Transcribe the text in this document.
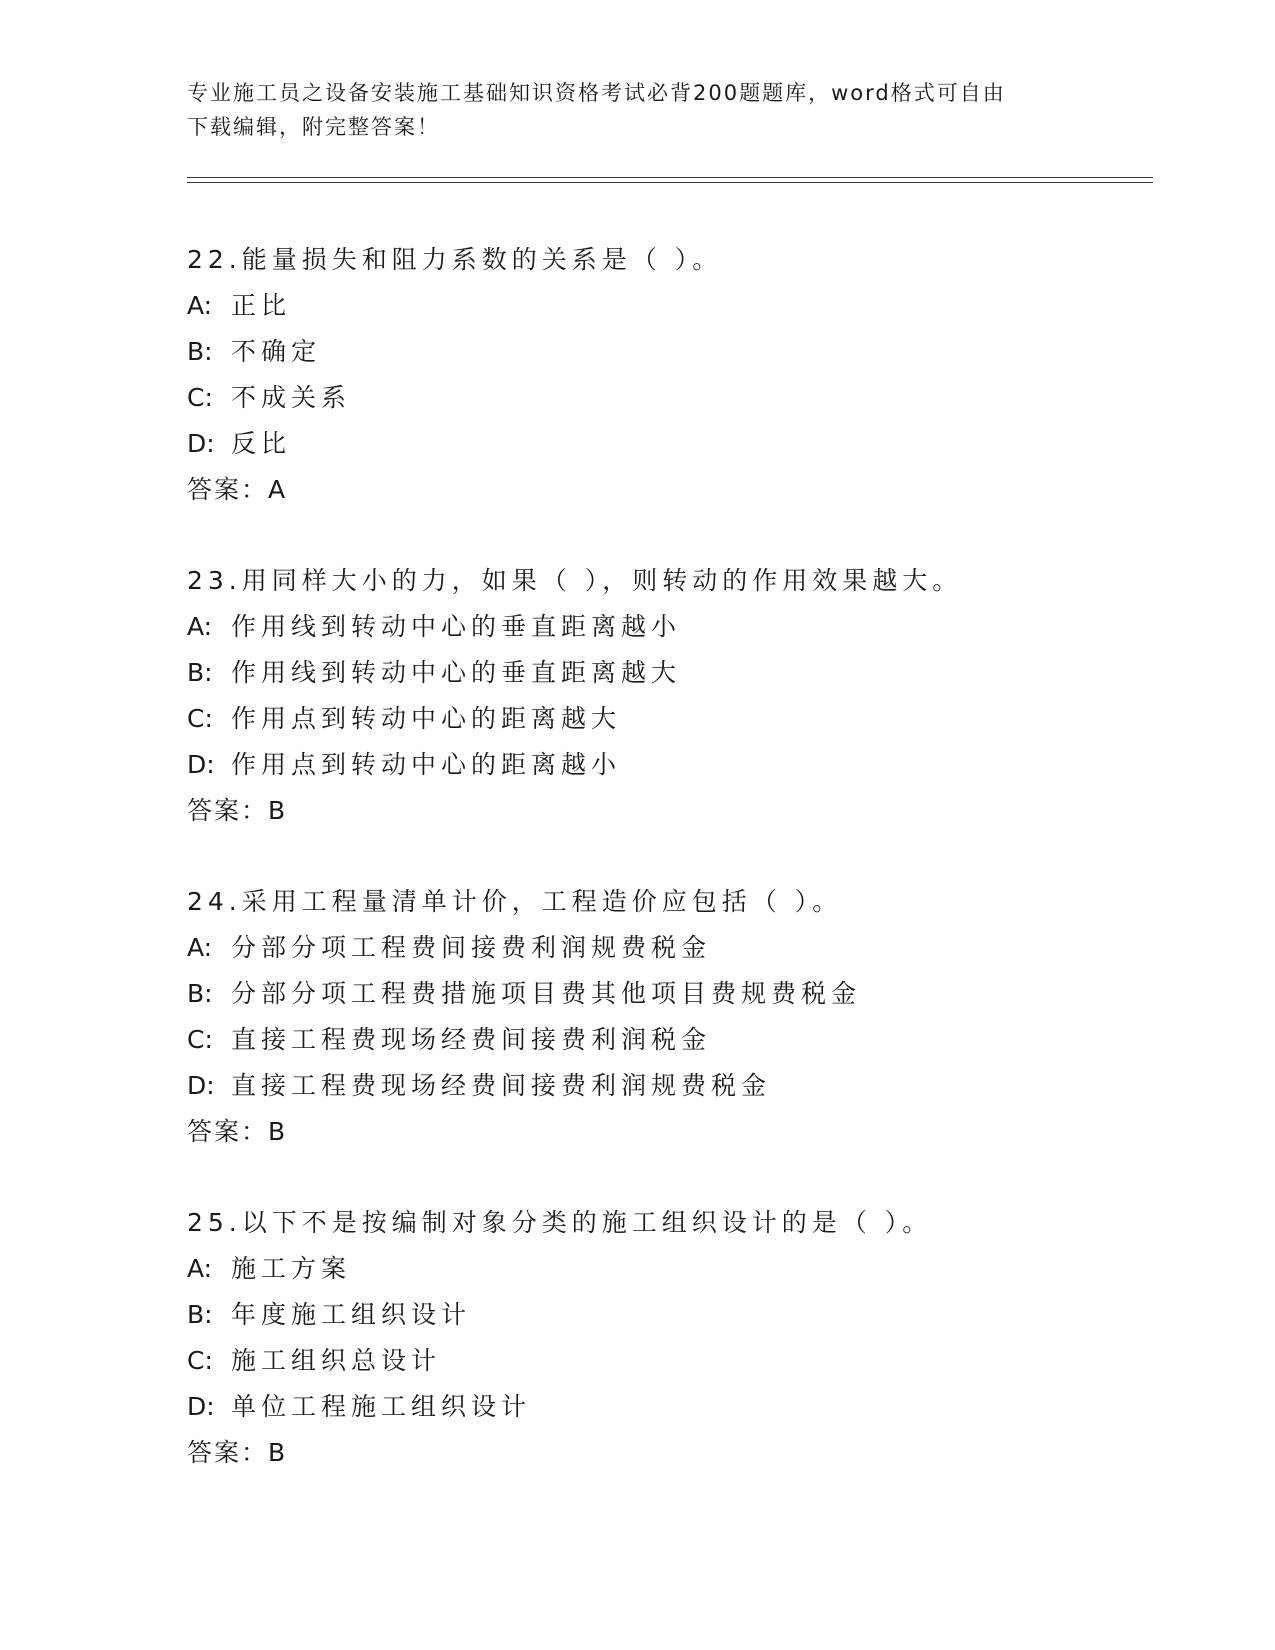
专业施工员之设备安装施工基础知识资格考试必背200题题库，word格式可自由
下载编辑，附完整答案！
22.能量损失和阻力系数的关系是（ ）。
A: 正比
B: 不确定
C: 不成关系
D: 反比
答案：A
23.用同样大小的力，如果（ ），则转动的作用效果越大。
A: 作用线到转动中心的垂直距离越小
B: 作用线到转动中心的垂直距离越大
C: 作用点到转动中心的距离越大
D: 作用点到转动中心的距离越小
答案：B
24.采用工程量清单计价，工程造价应包括（ ）。
A: 分部分项工程费间接费利润规费税金
B: 分部分项工程费措施项目费其他项目费规费税金
C: 直接工程费现场经费间接费利润税金
D: 直接工程费现场经费间接费利润规费税金
答案：B
25.以下不是按编制对象分类的施工组织设计的是（ ）。
A: 施工方案
B: 年度施工组织设计
C: 施工组织总设计
D: 单位工程施工组织设计
答案：B
